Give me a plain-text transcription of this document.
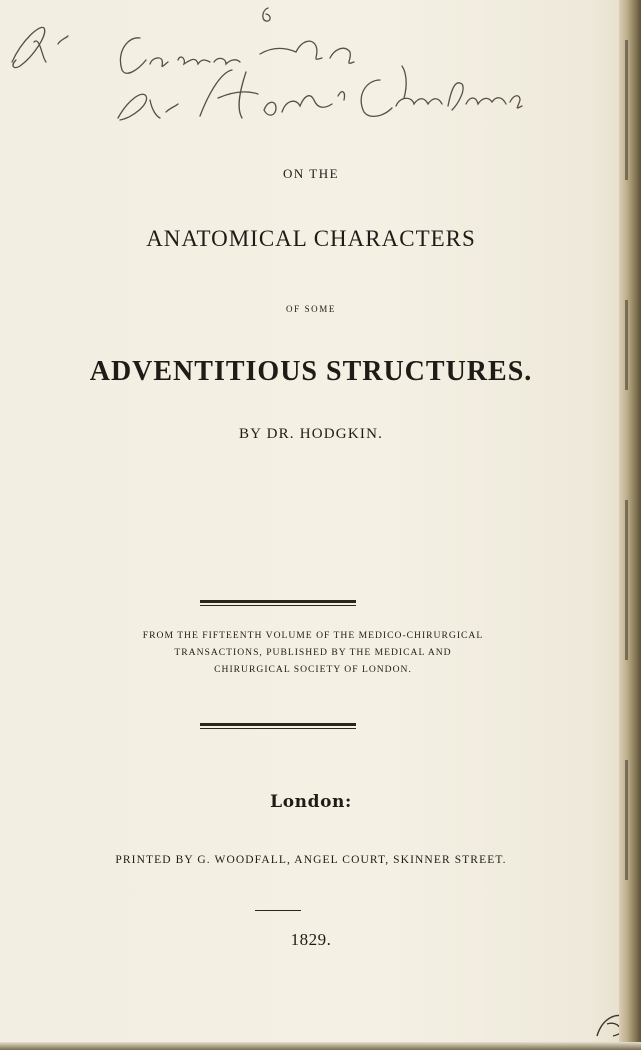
ON THE
ANATOMICAL CHARACTERS
OF SOME
ADVENTITIOUS STRUCTURES.
BY DR. HODGKIN.
FROM THE FIFTEENTH VOLUME OF THE MEDICO-CHIRURGICAL
TRANSACTIONS, PUBLISHED BY THE MEDICAL AND
CHIRURGICAL SOCIETY OF LONDON.
London:
PRINTED BY G. WOODFALL, ANGEL COURT, SKINNER STREET.
1829.
